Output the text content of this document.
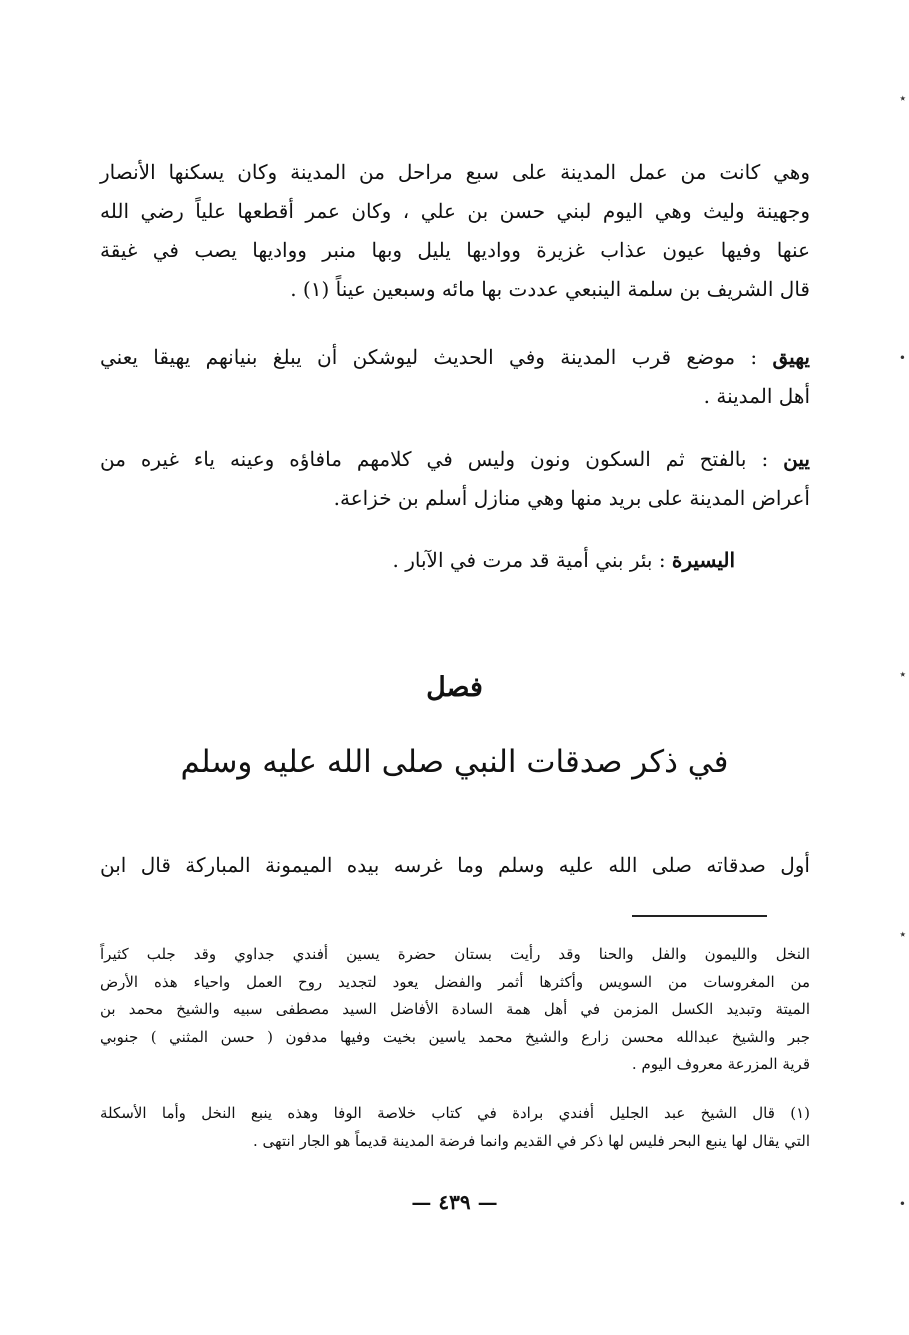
وهي كانت من عمل المدينة على سبع مراحل من المدينة وكان يسكنها الأنصار
وجهينة وليث وهي اليوم لبني حسن بن علي ، وكان عمر أقطعها علياً رضي الله
عنها وفيها عيون عذاب غزيرة وواديها يليل وبها منبر وواديها يصب في غيقة
قال الشريف بن سلمة الينبعي عددت بها مائه وسبعين عيناً (١) .
يهيق : موضع قرب المدينة وفي الحديث ليوشكن أن يبلغ بنيانهم يهيقا يعني
أهل المدينة .
يين : بالفتح ثم السكون ونون وليس في كلامهم مافاؤه وعينه ياء غيره من
أعراض المدينة على بريد منها وهي منازل أسلم بن خزاعة.
اليسيرة : بئر بني أمية قد مرت في الآبار .
فصل
في ذكر صدقات النبي صلى الله عليه وسلم
أول صدقاته صلى الله عليه وسلم وما غرسه بيده الميمونة المباركة قال ابن
النخل والليمون والفل والحنا وقد رأيت بستان حضرة يسين أفندي جداوي وقد جلب كثيراً
من المغروسات من السويس وأكثرها أثمر والفضل يعود لتجديد روح العمل واحياء هذه الأرض
الميتة وتبديد الكسل المزمن في أهل همة السادة الأفاضل السيد مصطفى سبيه والشيخ محمد بن
جبر والشيخ عبدالله محسن زارع والشيخ محمد ياسين بخيت وفيها مدفون ( حسن المثني ) جنوبي
قرية المزرعة معروف اليوم .
(١) قال الشيخ عبد الجليل أفندي برادة في كتاب خلاصة الوفا وهذه ينبع النخل وأما الأسكلة
التي يقال لها ينبع البحر فليس لها ذكر في القديم وانما فرضة المدينة قديماً هو الجار انتهى .
— ٤٣٩ —
٭
•
٭
٭
•
